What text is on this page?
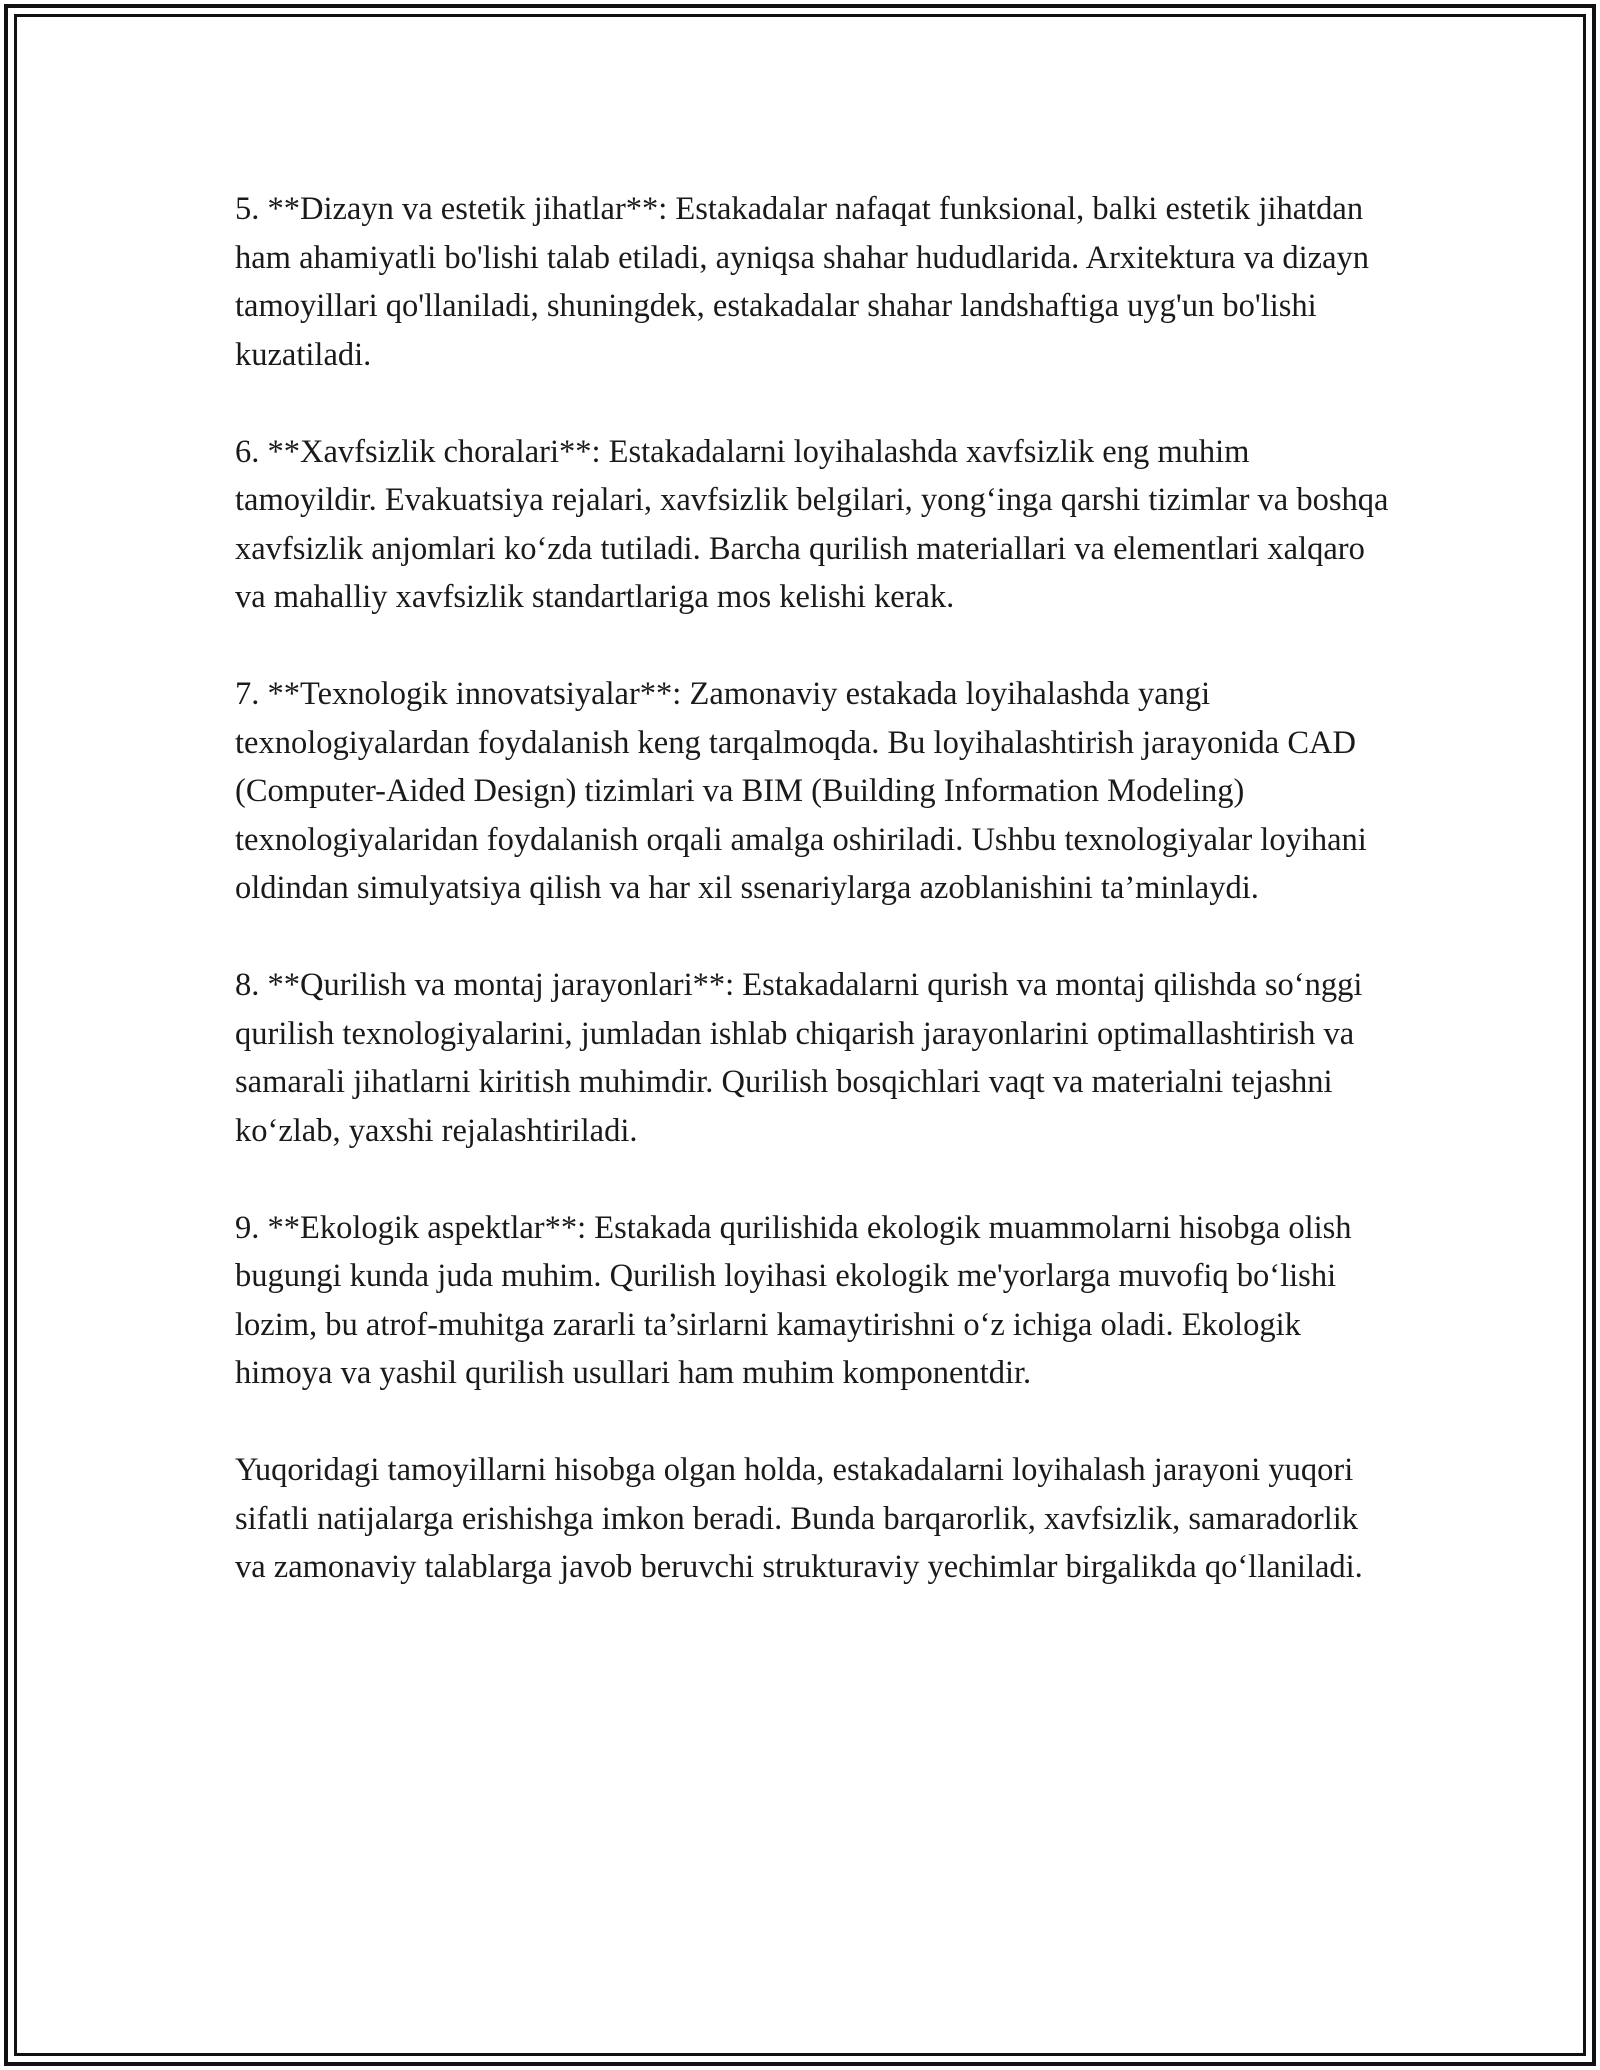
5. **Dizayn va estetik jihatlar**: Estakadalar nafaqat funksional, balki estetik jihatdan ham ahamiyatli bo'lishi talab etiladi, ayniqsa shahar hududlarida. Arxitektura va dizayn tamoyillari qo'llaniladi, shuningdek, estakadalar shahar landshaftiga uyg'un bo'lishi kuzatiladi.

6. **Xavfsizlik choralari**: Estakadalarni loyihalashda xavfsizlik eng muhim tamoyildir. Evakuatsiya rejalari, xavfsizlik belgilari, yong‘inga qarshi tizimlar va boshqa xavfsizlik anjomlari ko‘zda tutiladi. Barcha qurilish materiallari va elementlari xalqaro va mahalliy xavfsizlik standartlariga mos kelishi kerak.

7. **Texnologik innovatsiyalar**: Zamonaviy estakada loyihalashda yangi texnologiyalardan foydalanish keng tarqalmoqda. Bu loyihalashtirish jarayonida CAD (Computer-Aided Design) tizimlari va BIM (Building Information Modeling) texnologiyalaridan foydalanish orqali amalga oshiriladi. Ushbu texnologiyalar loyihani oldindan simulyatsiya qilish va har xil ssenariylarga azoblanishini ta’minlaydi.

8. **Qurilish va montaj jarayonlari**: Estakadalarni qurish va montaj qilishda so‘nggi qurilish texnologiyalarini, jumladan ishlab chiqarish jarayonlarini optimallashtirish va samarali jihatlarni kiritish muhimdir. Qurilish bosqichlari vaqt va materialni tejashni ko‘zlab, yaxshi rejalashtiriladi.

9. **Ekologik aspektlar**: Estakada qurilishida ekologik muammolarni hisobga olish bugungi kunda juda muhim. Qurilish loyihasi ekologik me'yorlarga muvofiq bo‘lishi lozim, bu atrof-muhitga zararli ta’sirlarni kamaytirishni o‘z ichiga oladi. Ekologik himoya va yashil qurilish usullari ham muhim komponentdir.

Yuqoridagi tamoyillarni hisobga olgan holda, estakadalarni loyihalash jarayoni yuqori sifatli natijalarga erishishga imkon beradi. Bunda barqarorlik, xavfsizlik, samaradorlik va zamonaviy talablarga javob beruvchi strukturaviy yechimlar birgalikda qo‘llaniladi.
